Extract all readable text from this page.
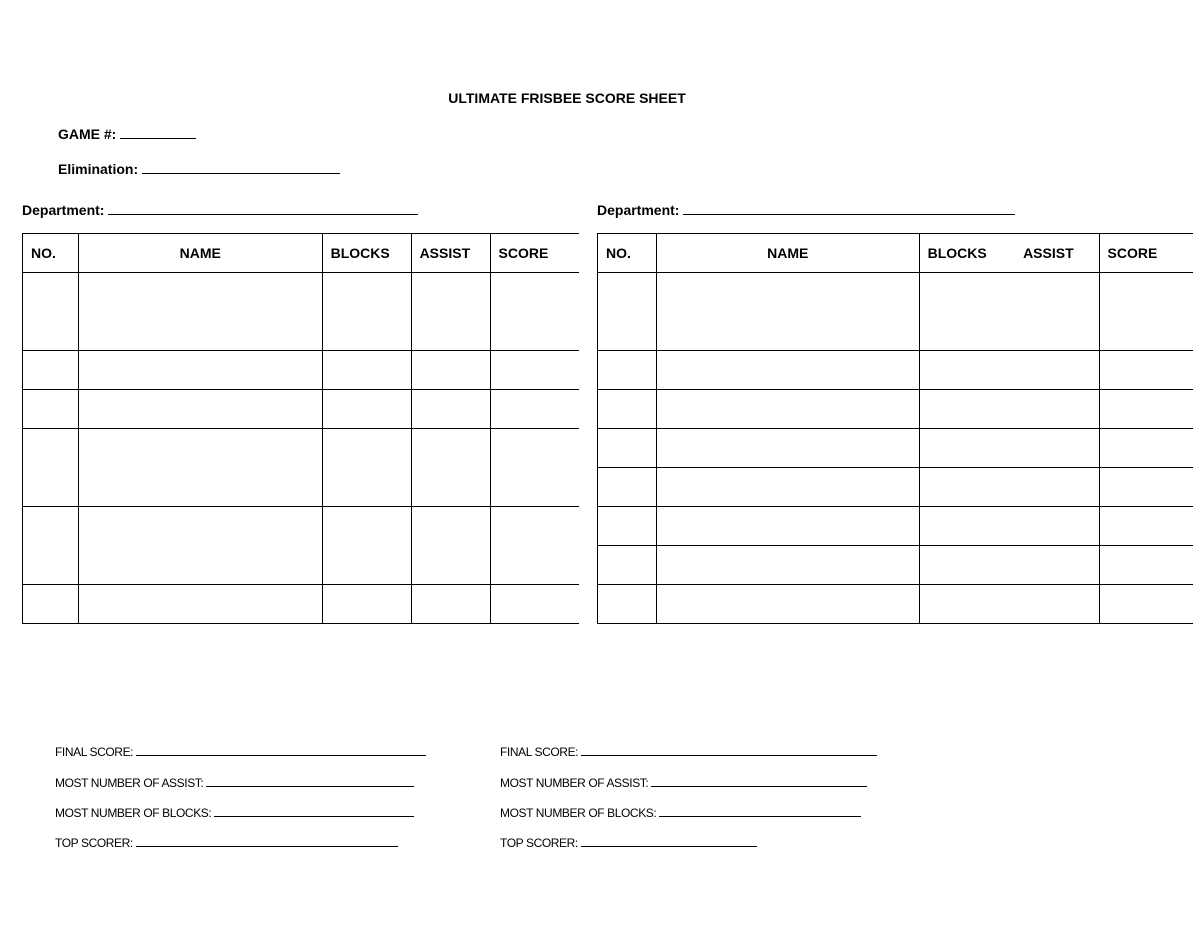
ULTIMATE FRISBEE SCORE SHEET
GAME #:
Elimination:
Department:	Department:
NO.	NAME	BLOCKS	ASSIST	SCORE

					NO.	NAME	BLOCKS	ASSIST	SCORE

FINAL SCORE:
MOST NUMBER OF ASSIST:
MOST NUMBER OF BLOCKS:
TOP SCORER:
FINAL SCORE:
MOST NUMBER OF ASSIST:
MOST NUMBER OF BLOCKS:
TOP SCORER:
